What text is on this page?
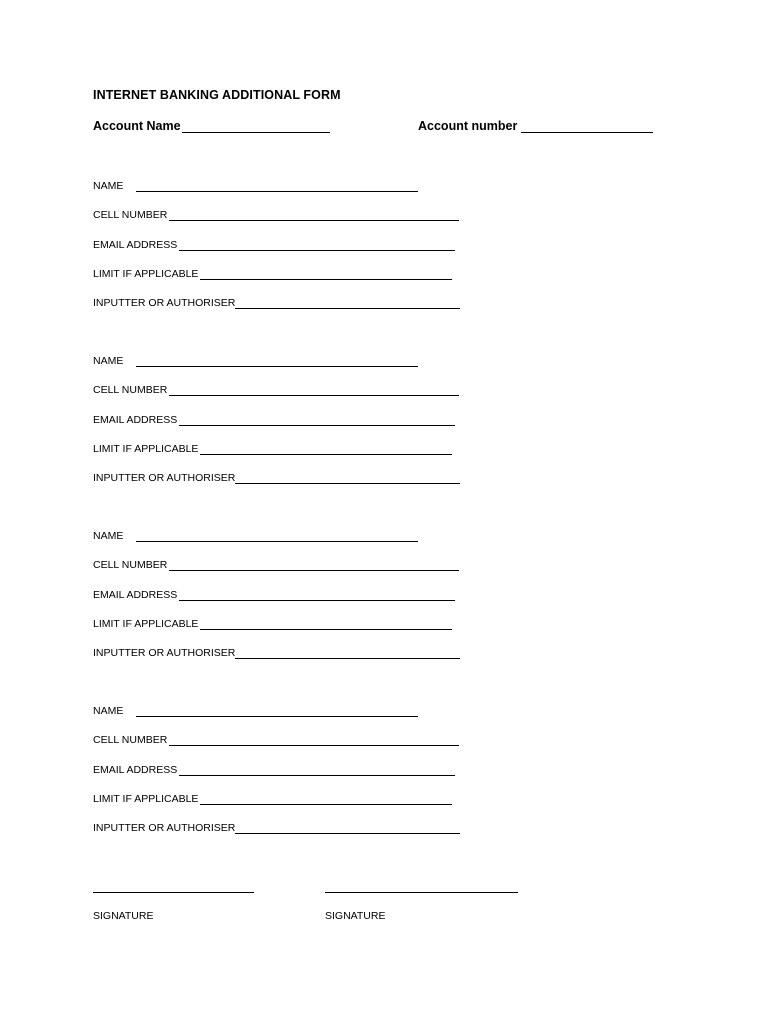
INTERNET BANKING ADDITIONAL FORM
Account Name	Account number
NAME
CELL NUMBER
EMAIL ADDRESS
LIMIT IF APPLICABLE
INPUTTER OR AUTHORISER
NAME
CELL NUMBER
EMAIL ADDRESS
LIMIT IF APPLICABLE
INPUTTER OR AUTHORISER
NAME
CELL NUMBER
EMAIL ADDRESS
LIMIT IF APPLICABLE
INPUTTER OR AUTHORISER
NAME
CELL NUMBER
EMAIL ADDRESS
LIMIT IF APPLICABLE
INPUTTER OR AUTHORISER
SIGNATURE	SIGNATURE
